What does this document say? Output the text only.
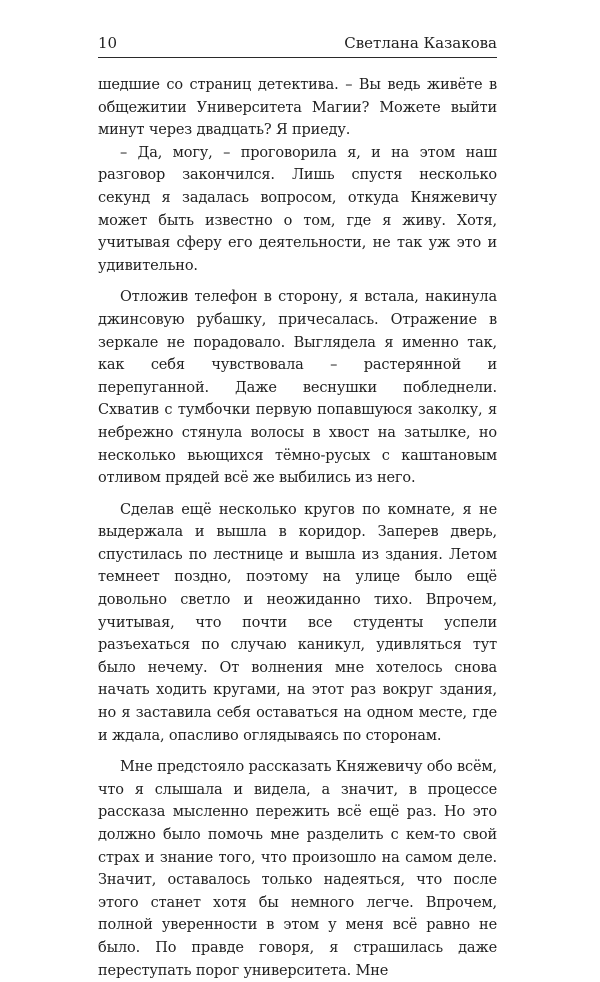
10	Светлана Казакова

шедшие со страниц детектива. – Вы ведь живёте в общежитии Университета Магии? Можете выйти минут через двадцать? Я приеду.

– Да, могу, – проговорила я, и на этом наш разговор закончился. Лишь спустя несколько секунд я задалась вопросом, откуда Княжевичу может быть известно о том, где я живу. Хотя, учитывая сферу его деятельности, не так уж это и удивительно.

Отложив телефон в сторону, я встала, накинула джинсовую рубашку, причесалась. Отражение в зеркале не порадовало. Выглядела я именно так, как себя чувствовала – растерянной и перепуганной. Даже веснушки побледнели. Схватив с тумбочки первую попавшуюся заколку, я небрежно стянула волосы в хвост на затылке, но несколько вьющихся тёмно-русых с каштановым отливом прядей всё же выбились из него.

Сделав ещё несколько кругов по комнате, я не выдержала и вышла в коридор. Заперев дверь, спустилась по лестнице и вышла из здания. Летом темнеет поздно, поэтому на улице было ещё довольно светло и неожиданно тихо. Впрочем, учитывая, что почти все студенты успели разъехаться по случаю каникул, удивляться тут было нечему. От волнения мне хотелось снова начать ходить кругами, на этот раз вокруг здания, но я заставила себя оставаться на одном месте, где и ждала, опасливо оглядываясь по сторонам.

Мне предстояло рассказать Княжевичу обо всём, что я слышала и видела, а значит, в процессе рассказа мысленно пережить всё ещё раз. Но это должно было помочь мне разделить с кем-то свой страх и знание того, что произошло на самом деле. Значит, оставалось только надеяться, что после этого станет хотя бы немного легче. Впрочем, полной уверенности в этом у меня всё равно не было. По правде говоря, я страшилась даже переступать порог университета. Мне
